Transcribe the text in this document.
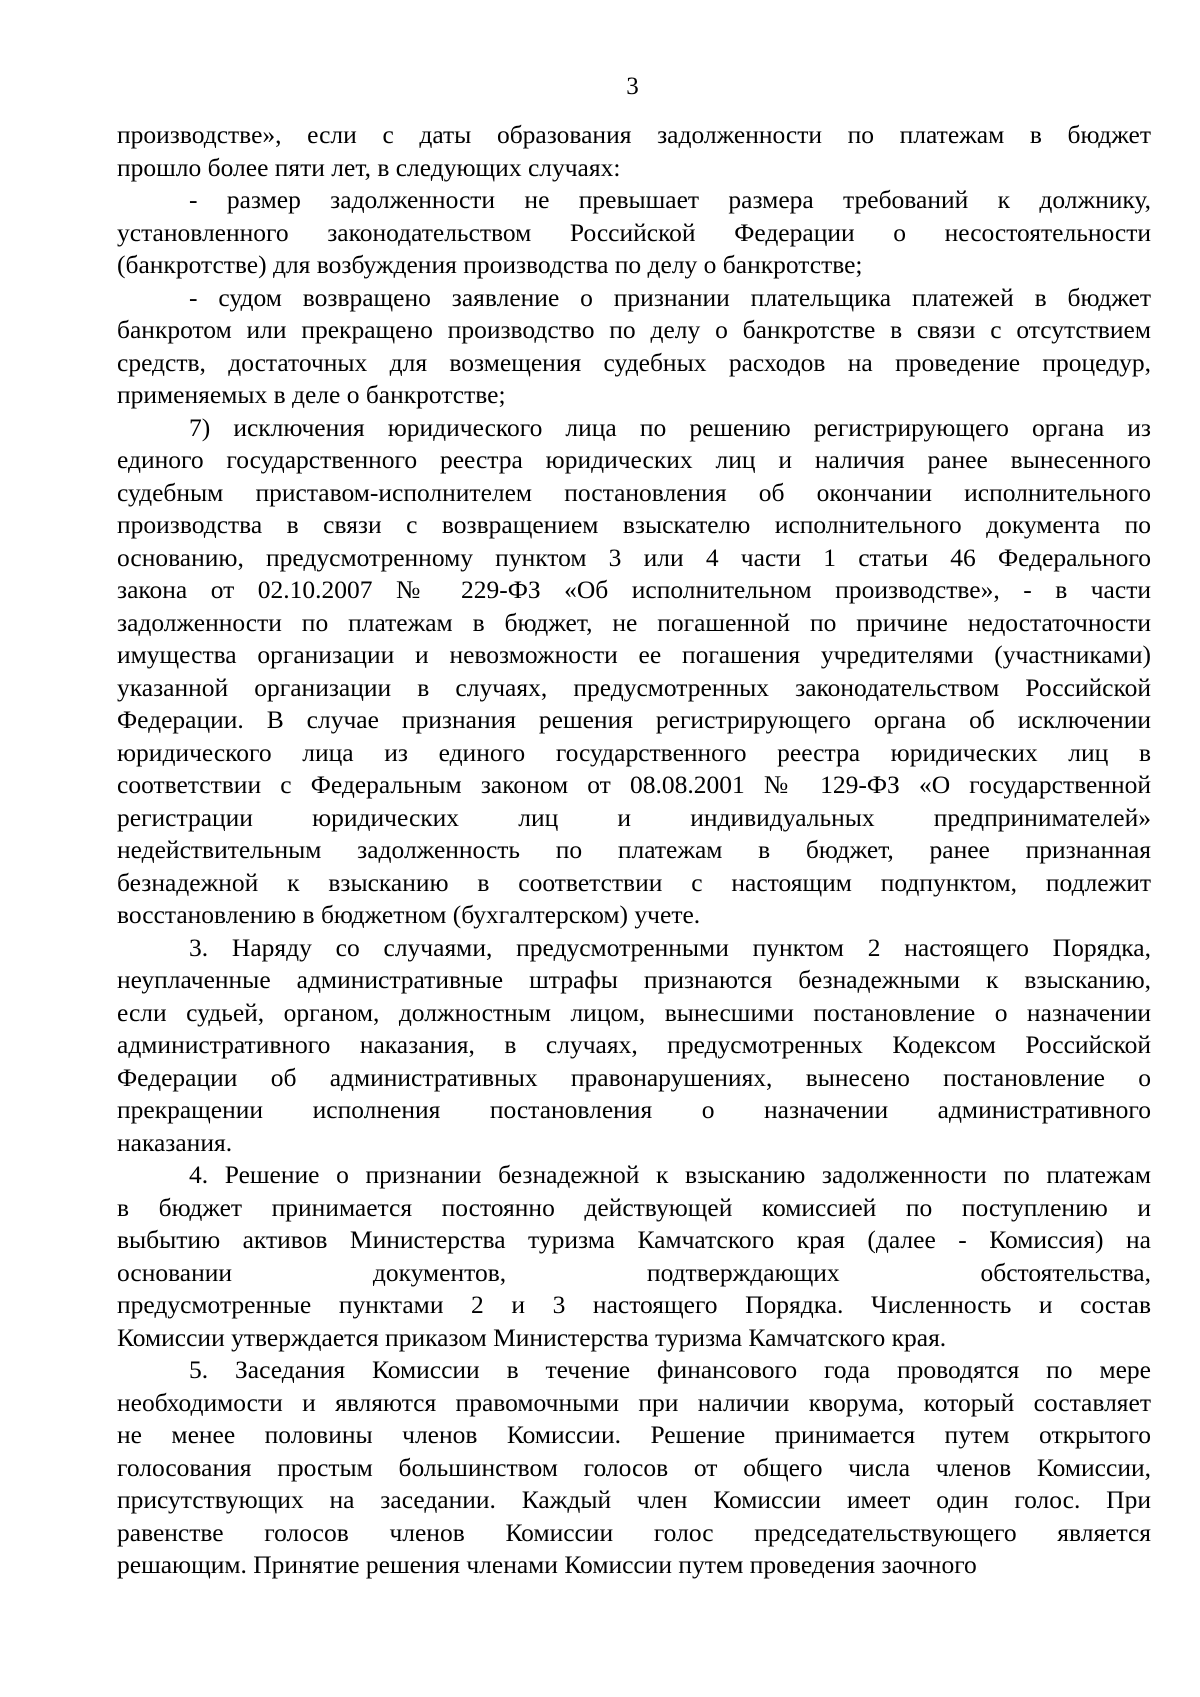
3
производстве», если с даты образования задолженности по платежам в бюджет
прошло более пяти лет, в следующих случаях:
- размер задолженности не превышает размера требований к должнику,
установленного законодательством Российской Федерации о несостоятельности
(банкротстве) для возбуждения производства по делу о банкротстве;
- судом возвращено заявление о признании плательщика платежей в бюджет
банкротом или прекращено производство по делу о банкротстве в связи с отсутствием
средств, достаточных для возмещения судебных расходов на проведение процедур,
применяемых в деле о банкротстве;
7) исключения юридического лица по решению регистрирующего органа из
единого государственного реестра юридических лиц и наличия ранее вынесенного
судебным приставом-исполнителем постановления об окончании исполнительного
производства в связи с возвращением взыскателю исполнительного документа по
основанию, предусмотренному пунктом 3 или 4 части 1 статьи 46 Федерального
закона от 02.10.2007 № 229-ФЗ «Об исполнительном производстве», - в части
задолженности по платежам в бюджет, не погашенной по причине недостаточности
имущества организации и невозможности ее погашения учредителями (участниками)
указанной организации в случаях, предусмотренных законодательством Российской
Федерации. В случае признания решения регистрирующего органа об исключении
юридического лица из единого государственного реестра юридических лиц в
соответствии с Федеральным законом от 08.08.2001 № 129-ФЗ «О государственной
регистрации юридических лиц и индивидуальных предпринимателей»
недействительным задолженность по платежам в бюджет, ранее признанная
безнадежной к взысканию в соответствии с настоящим подпунктом, подлежит
восстановлению в бюджетном (бухгалтерском) учете.
3. Наряду со случаями, предусмотренными пунктом 2 настоящего Порядка,
неуплаченные административные штрафы признаются безнадежными к взысканию,
если судьей, органом, должностным лицом, вынесшими постановление о назначении
административного наказания, в случаях, предусмотренных Кодексом Российской
Федерации об административных правонарушениях, вынесено постановление о
прекращении исполнения постановления о назначении административного
наказания.
4. Решение о признании безнадежной к взысканию задолженности по платежам
в бюджет принимается постоянно действующей комиссией по поступлению и
выбытию активов Министерства туризма Камчатского края (далее - Комиссия) на
основании документов, подтверждающих обстоятельства,
предусмотренные пунктами 2 и 3 настоящего Порядка. Численность и состав
Комиссии утверждается приказом Министерства туризма Камчатского края.
5. Заседания Комиссии в течение финансового года проводятся по мере
необходимости и являются правомочными при наличии кворума, который составляет
не менее половины членов Комиссии. Решение принимается путем открытого
голосования простым большинством голосов от общего числа членов Комиссии,
присутствующих на заседании. Каждый член Комиссии имеет один голос. При
равенстве голосов членов Комиссии голос председательствующего является
решающим. Принятие решения членами Комиссии путем проведения заочного
